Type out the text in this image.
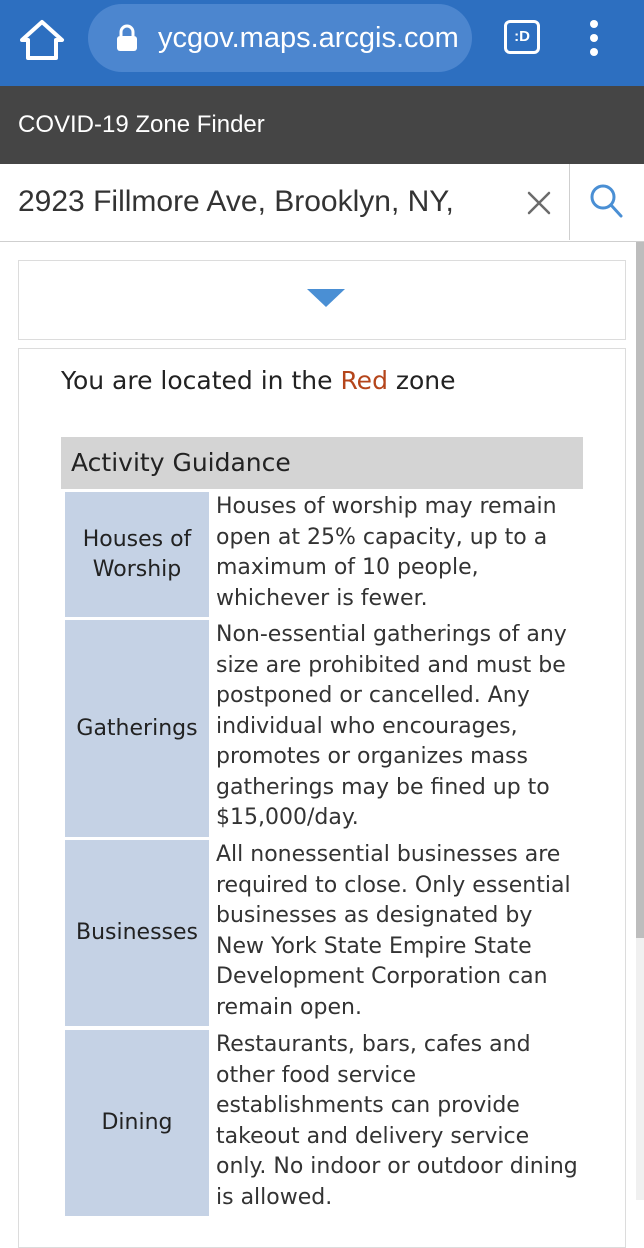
ycgov.maps.arcgis.com	:D
COVID-19 Zone Finder
2923 Fillmore Ave, Brooklyn, NY,
You are located in the Red zone
Activity Guidance
Houses of Worship
Houses of worship may remain open at 25% capacity, up to a maximum of 10 people, whichever is fewer.
Gatherings
Non-essential gatherings of any size are prohibited and must be postponed or cancelled. Any individual who encourages, promotes or organizes mass gatherings may be fined up to $15,000/day.
Businesses
All nonessential businesses are required to close. Only essential businesses as designated by New York State Empire State Development Corporation can remain open.
Dining
Restaurants, bars, cafes and other food service establishments can provide takeout and delivery service only. No indoor or outdoor dining is allowed.
